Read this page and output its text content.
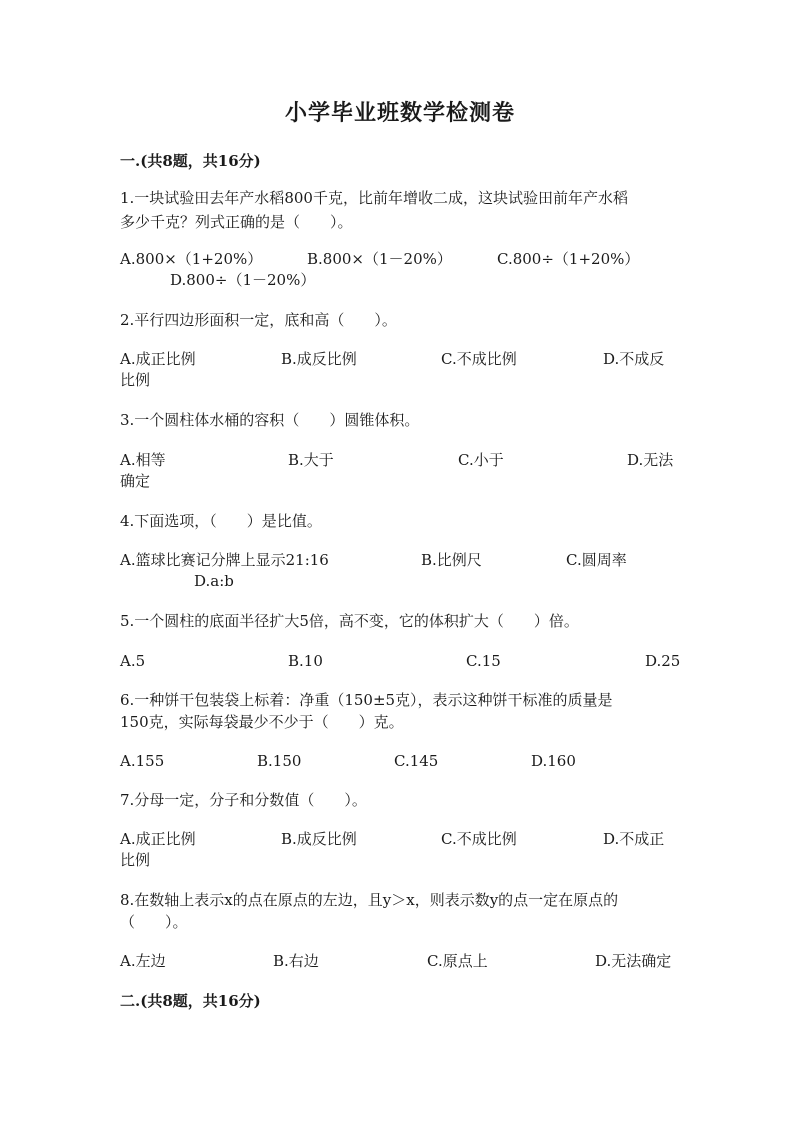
小学毕业班数学检测卷
一.(共8题，共16分)
1.一块试验田去年产水稻800千克，比前年增收二成，这块试验田前年产水稻
多少千克？列式正确的是（　　）。
A.800×（1+20%）	B.800×（1－20%）	C.800÷（1+20%）
D.800÷（1－20%）
2.平行四边形面积一定，底和高（　　）。
A.成正比例	B.成反比例	C.不成比例	D.不成反
比例
3.一个圆柱体水桶的容积（　　）圆锥体积。
A.相等	B.大于	C.小于	D.无法
确定
4.下面选项，（　　）是比值。
A.篮球比赛记分牌上显示21:16	B.比例尺	C.圆周率
D.a:b
5.一个圆柱的底面半径扩大5倍，高不变，它的体积扩大（　　）倍。
A.5	B.10	C.15	D.25
6.一种饼干包装袋上标着：净重（150±5克），表示这种饼干标准的质量是
150克，实际每袋最少不少于（　　）克。
A.155	B.150	C.145	D.160
7.分母一定，分子和分数值（　　）。
A.成正比例	B.成反比例	C.不成比例	D.不成正
比例
8.在数轴上表示x的点在原点的左边，且y＞x，则表示数y的点一定在原点的
（　　）。
A.左边	B.右边	C.原点上	D.无法确定
二.(共8题，共16分)
